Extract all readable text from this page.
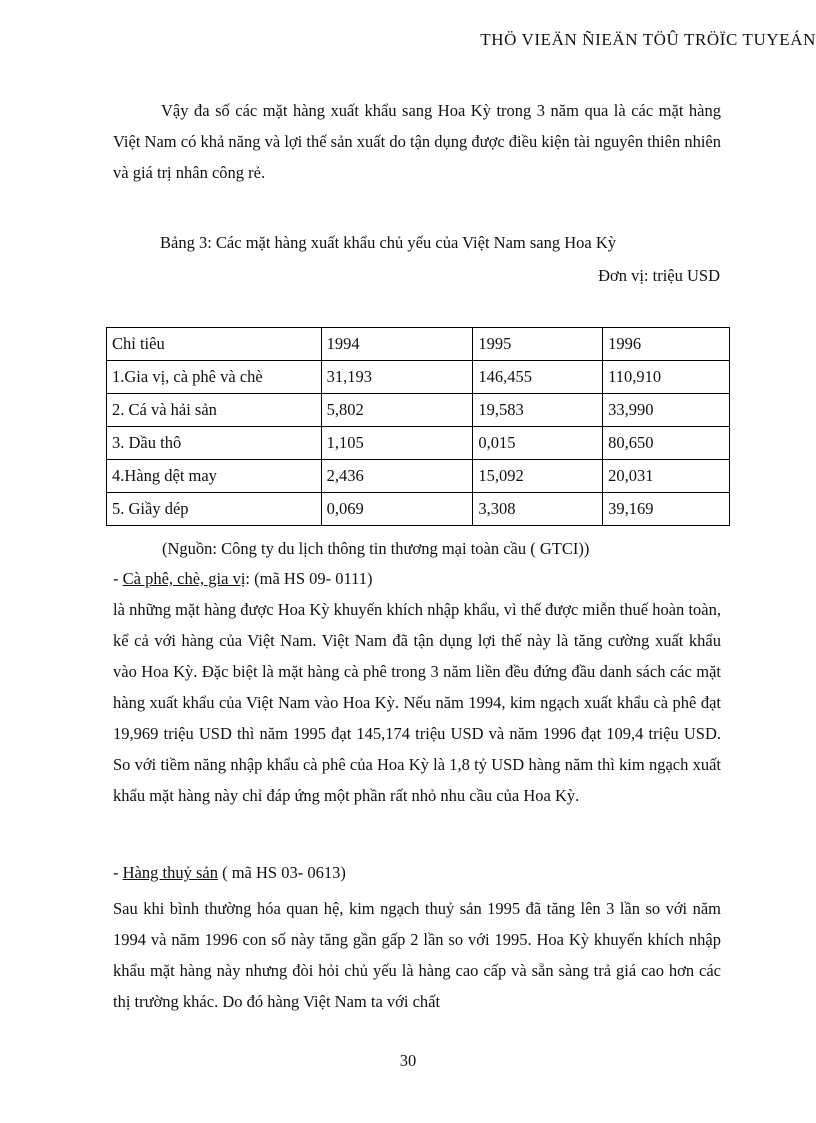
THÖ VIEÄN ÑIEÄN TÖÛ TRÖÏC TUYEÁN

Vậy đa số các mặt hàng xuất khẩu sang Hoa Kỳ trong 3 năm qua là các mặt hàng Việt Nam có khả năng và lợi thế sản xuất do tận dụng được điều kiện tài nguyên thiên nhiên và giá trị nhân công rẻ.

Bảng 3: Các mặt hàng xuất khẩu chủ yếu của Việt Nam sang Hoa Kỳ
Đơn vị: triệu USD
Chỉ tiêu	1994	1995	1996
1.Gia vị, cà phê và chè	31,193	146,455	110,910
2. Cá và hải sản	5,802	19,583	33,990
3. Dầu thô	1,105	0,015	80,650
4.Hàng dệt may	2,436	15,092	20,031
5. Giầy dép	0,069	3,308	39,169
(Nguồn: Công ty du lịch thông tin thương mại toàn cầu ( GTCI))
- Cà phê, chè, gia vị: (mã HS 09- 0111)

là những mặt hàng được Hoa Kỳ khuyến khích nhập khẩu, vì thế được miễn thuế hoàn toàn, kể cả với hàng của Việt Nam. Việt Nam đã tận dụng lợi thế này là tăng cường xuất khẩu vào Hoa Kỳ. Đặc biệt là mặt hàng cà phê trong 3 năm liền đều đứng đầu danh sách các mặt hàng xuất khẩu của Việt Nam vào Hoa Kỳ. Nếu năm 1994, kim ngạch xuất khẩu cà phê đạt 19,969 triệu USD thì năm 1995 đạt 145,174 triệu USD và năm 1996 đạt 109,4 triệu USD. So với tiềm năng nhập khẩu cà phê của Hoa Kỳ là 1,8 tỷ USD hàng năm thì kim ngạch xuất khẩu mặt hàng này chỉ đáp ứng một phần rất nhỏ nhu cầu của Hoa Kỳ.

- Hàng thuỷ sản ( mã HS 03- 0613)

Sau khi bình thường hóa quan hệ, kim ngạch thuỷ sản 1995 đã tăng lên 3 lần so với năm 1994 và năm 1996 con số này tăng gần gấp 2 lần so với 1995. Hoa Kỳ khuyến khích nhập khẩu mặt hàng này nhưng đòi hỏi chủ yếu là hàng cao cấp và sẵn sàng trả giá cao hơn các thị trường khác. Do đó hàng Việt Nam ta với chất

30
